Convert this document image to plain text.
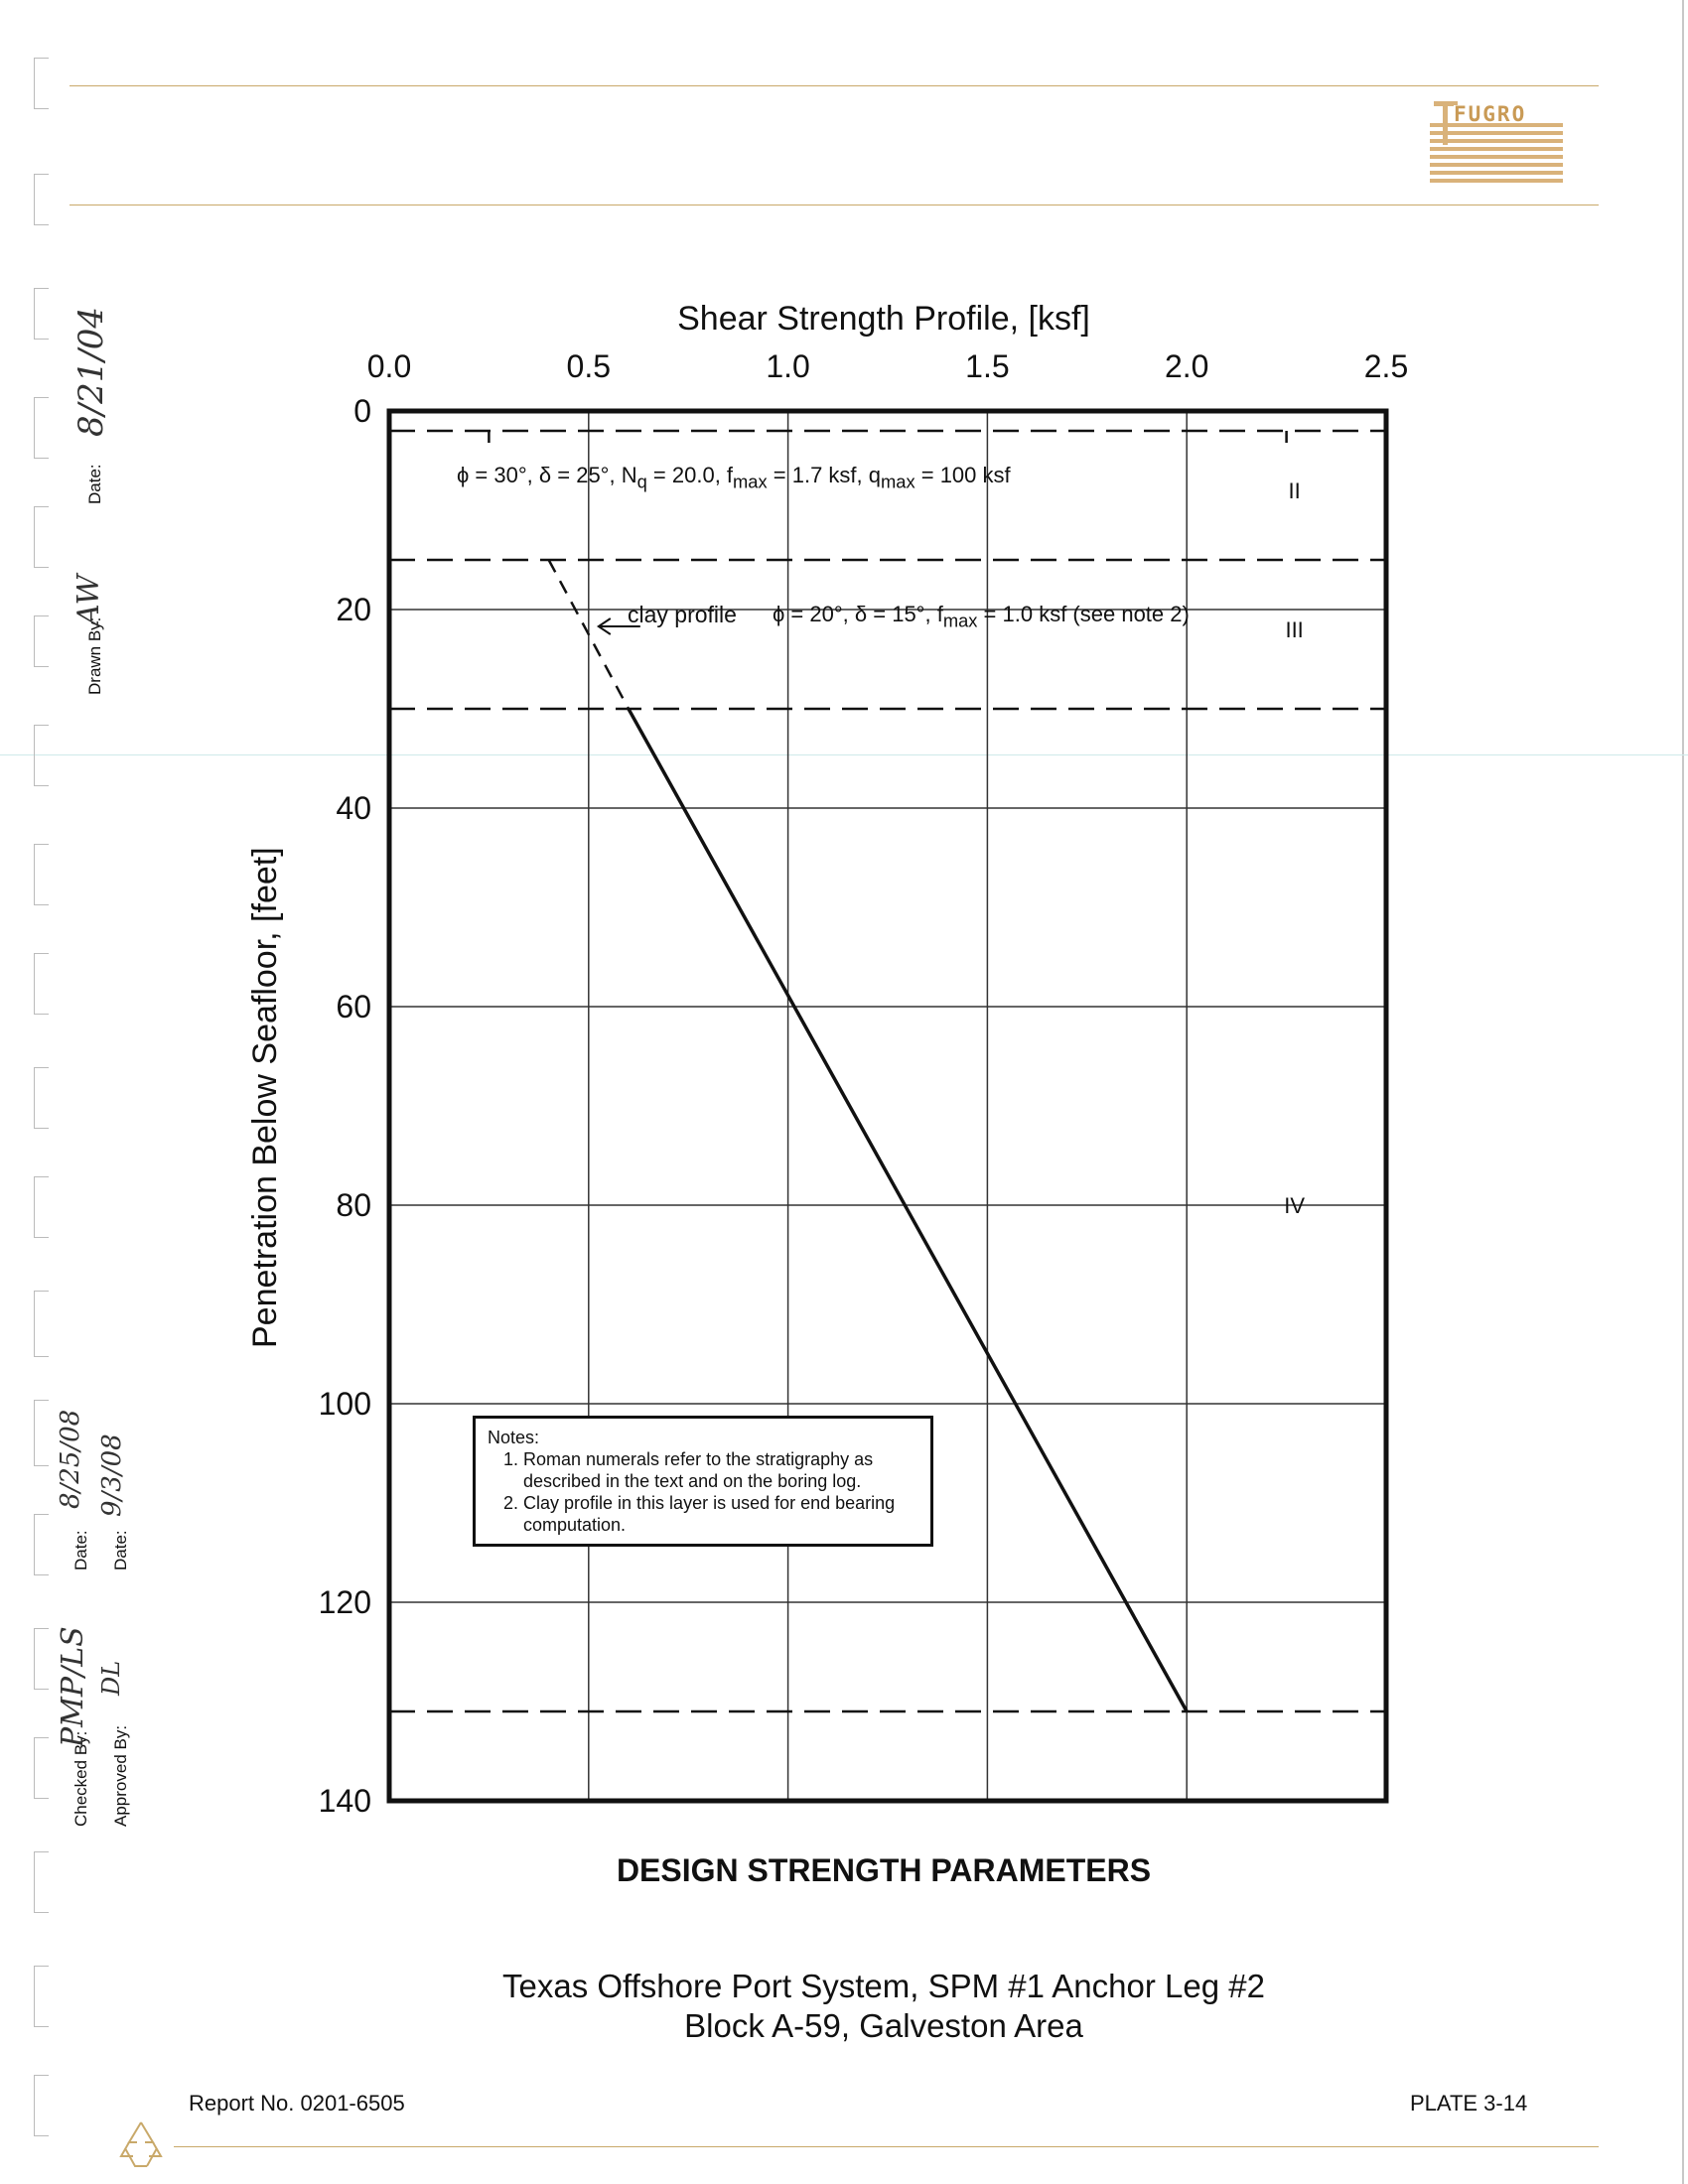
FUGRO
Drawn By:
AW
Date:
8/21/04
Checked By:
PMP/LS
Date:
8/25/08
Approved By:
DL
Date:
9/3/08
Shear Strength Profile, [ksf]
Penetration Below Seafloor, [feet]
0.0	0.5	1.0	1.5	2.0	2.5
0
20
40
60
80
100
120
140
II
III
IV
clay profile
ϕ = 30°, δ = 25°, $N_q = 20.0$, $f_{max} = 1.7$ ksf, $q_{max} = 100$ ksf
ϕ = 20°, δ = 15°, $f_{max} = 1.0$ ksf (see note 2)
Notes:
1. Roman numerals refer to the stratigraphy as described in the text and on the boring log.
2. Clay profile in this layer is used for end bearing computation.
DESIGN STRENGTH PARAMETERS
Texas Offshore Port System, SPM #1 Anchor Leg #2
Block A-59, Galveston Area
Report No. 0201-6505	PLATE 3-14
